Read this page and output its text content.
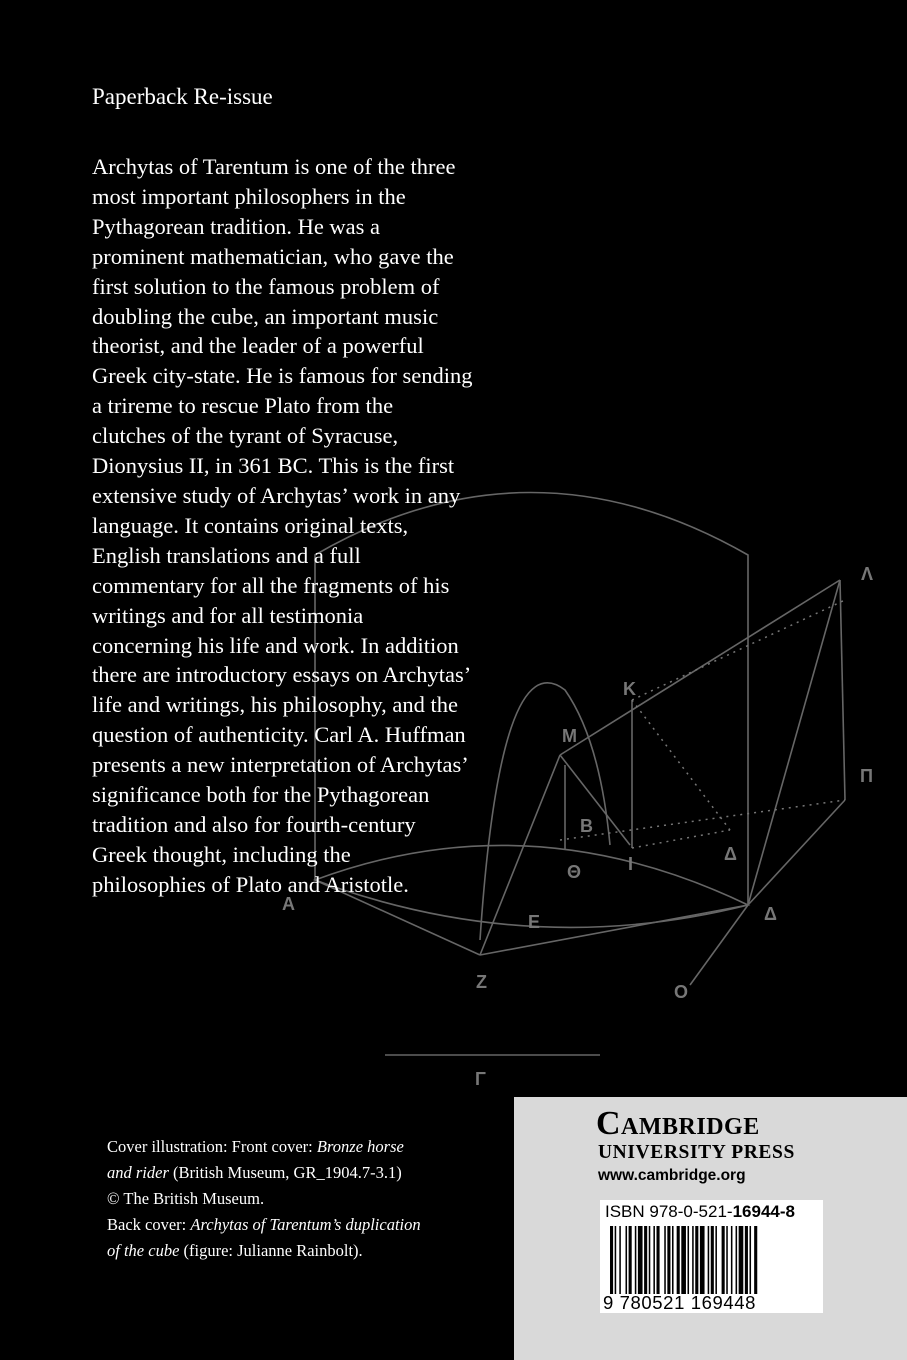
Λ
Π
K
M
B
Θ	I	Δ
Δ
A
E
Z	O
Γ
Paperback Re-issue
Archytas of Tarentum is one of the three
most important philosophers in the
Pythagorean tradition. He was a
prominent mathematician, who gave the
first solution to the famous problem of
doubling the cube, an important music
theorist, and the leader of a powerful
Greek city-state. He is famous for sending
a trireme to rescue Plato from the
clutches of the tyrant of Syracuse,
Dionysius II, in 361 BC. This is the first
extensive study of Archytas’ work in any
language. It contains original texts,
English translations and a full
commentary for all the fragments of his
writings and for all testimonia
concerning his life and work. In addition
there are introductory essays on Archytas’
life and writings, his philosophy, and the
question of authenticity. Carl A. Huffman
presents a new interpretation of Archytas’
significance both for the Pythagorean
tradition and also for fourth-century
Greek thought, including the
philosophies of Plato and Aristotle.
Cover illustration: Front cover: Bronze horse
and rider (British Museum, GR_1904.7-3.1)
© The British Museum.
Back cover: Archytas of Tarentum’s duplication
of the cube (figure: Julianne Rainbolt).
Cambridge
UNIVERSITY PRESS
www.cambridge.org
ISBN 978-0-521-16944-8
9 780521 169448
